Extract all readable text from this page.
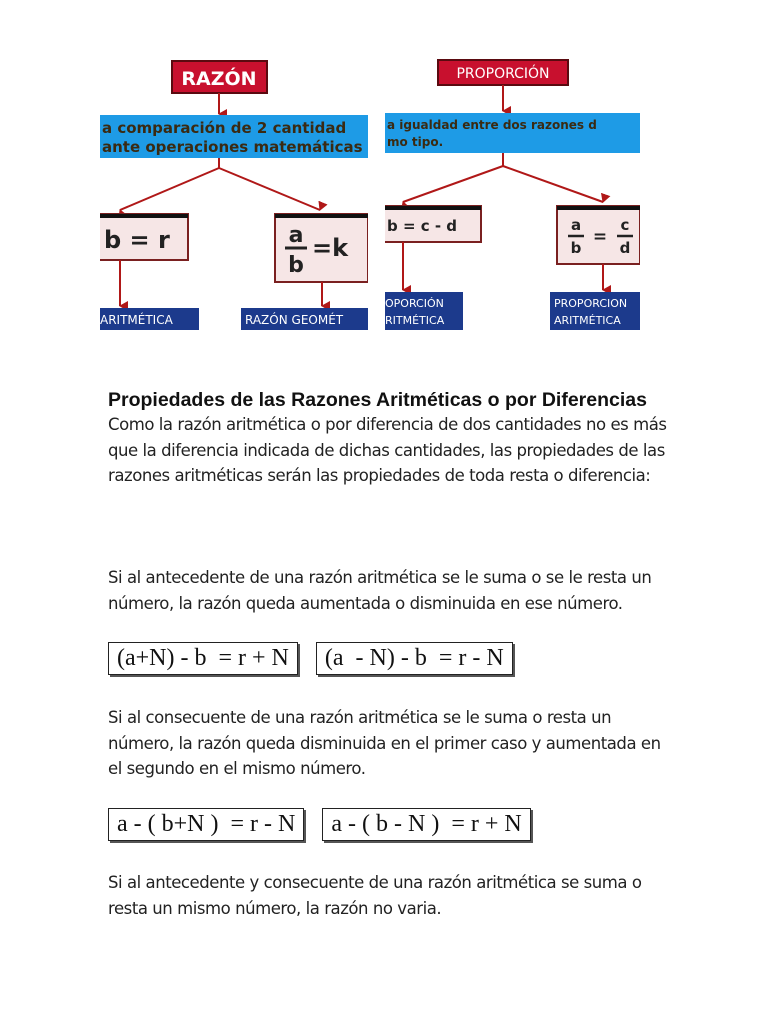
RAZÓN
a comparación de 2 cantidad
ante operaciones matemáticas
b = r	a
b
=k
ARITMÉTICA	RAZÓN GEOMÉT
PROPORCIÓN
a igualdad entre dos razones d
mo tipo.
b = c - d	a
b
=
c
d
OPORCIÓN
RITMÉTICA
PROPORCION
ARITMÉTICA
Propiedades de las Razones Aritméticas o por Diferencias

Como la razón aritmética o por diferencia de dos cantidades no es más que la diferencia indicada de dichas cantidades, las propiedades de las razones aritméticas serán las propiedades de toda resta o diferencia:

Si al antecedente de una razón aritmética se le suma o se le resta un número, la razón queda aumentada o disminuida en ese número.

(a+N) - b  = r + N	(a  - N) - b  = r - N

Si al consecuente de una razón aritmética se le suma o resta un número, la razón queda disminuida en el primer caso y aumentada en el segundo en el mismo número.

a - ( b+N )  = r - N	a - ( b - N )  = r + N

Si al antecedente y consecuente de una razón aritmética se suma o resta un mismo número, la razón no varia.
